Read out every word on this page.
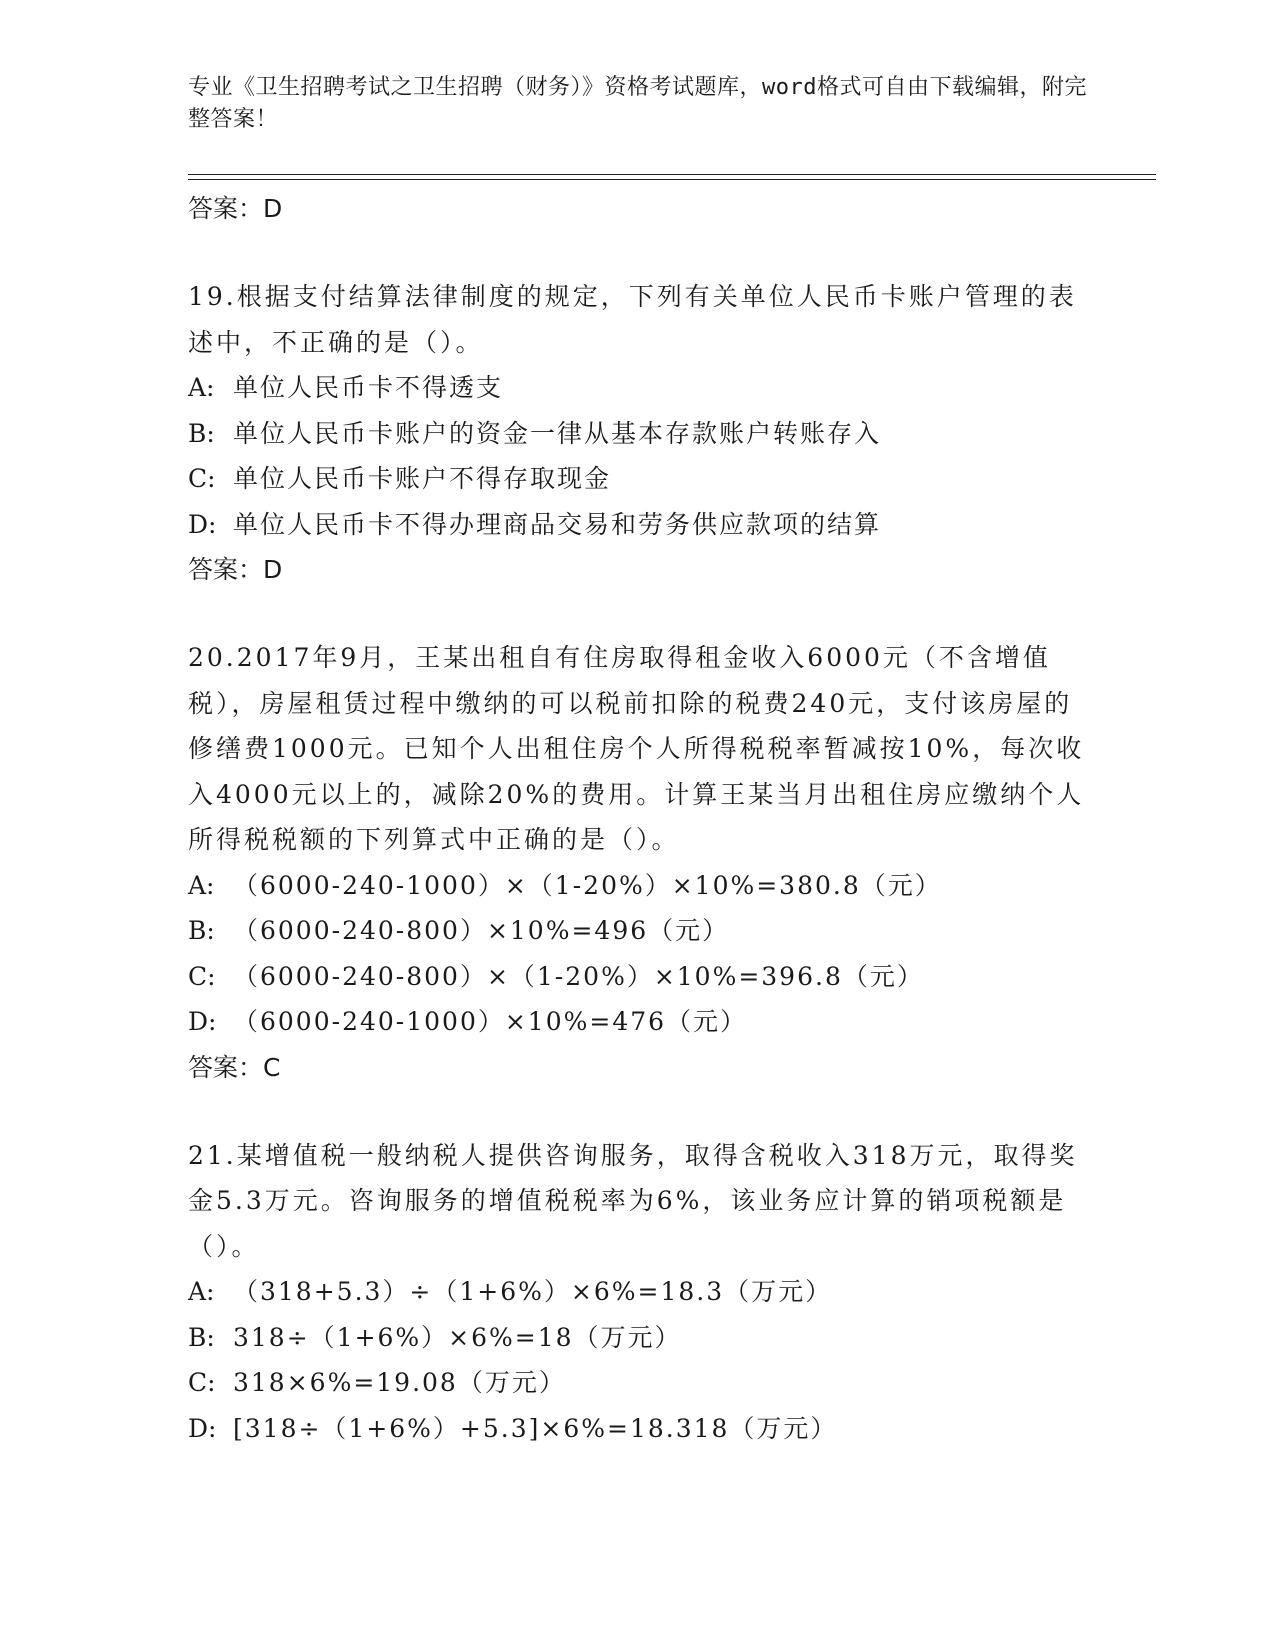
专业《卫生招聘考试之卫生招聘（财务）》资格考试题库，word格式可自由下载编辑，附完整答案！
答案：D
19.根据支付结算法律制度的规定，下列有关单位人民币卡账户管理的表述中，不正确的是（）。
A: 单位人民币卡不得透支
B: 单位人民币卡账户的资金一律从基本存款账户转账存入
C: 单位人民币卡账户不得存取现金
D: 单位人民币卡不得办理商品交易和劳务供应款项的结算
答案：D
20.2017年9月，王某出租自有住房取得租金收入6000元（不含增值税），房屋租赁过程中缴纳的可以税前扣除的税费240元，支付该房屋的修缮费1000元。已知个人出租住房个人所得税税率暂减按10%，每次收入4000元以上的，减除20%的费用。计算王某当月出租住房应缴纳个人所得税税额的下列算式中正确的是（）。
A: （6000-240-1000）×（1-20%）×10%=380.8（元）
B: （6000-240-800）×10%=496（元）
C: （6000-240-800）×（1-20%）×10%=396.8（元）
D: （6000-240-1000）×10%=476（元）
答案：C
21.某增值税一般纳税人提供咨询服务，取得含税收入318万元，取得奖金5.3万元。咨询服务的增值税税率为6%，该业务应计算的销项税额是（）。
A: （318+5.3）÷（1+6%）×6%=18.3（万元）
B: 318÷（1+6%）×6%=18（万元）
C: 318×6%=19.08（万元）
D: [318÷（1+6%）+5.3]×6%=18.318（万元）
